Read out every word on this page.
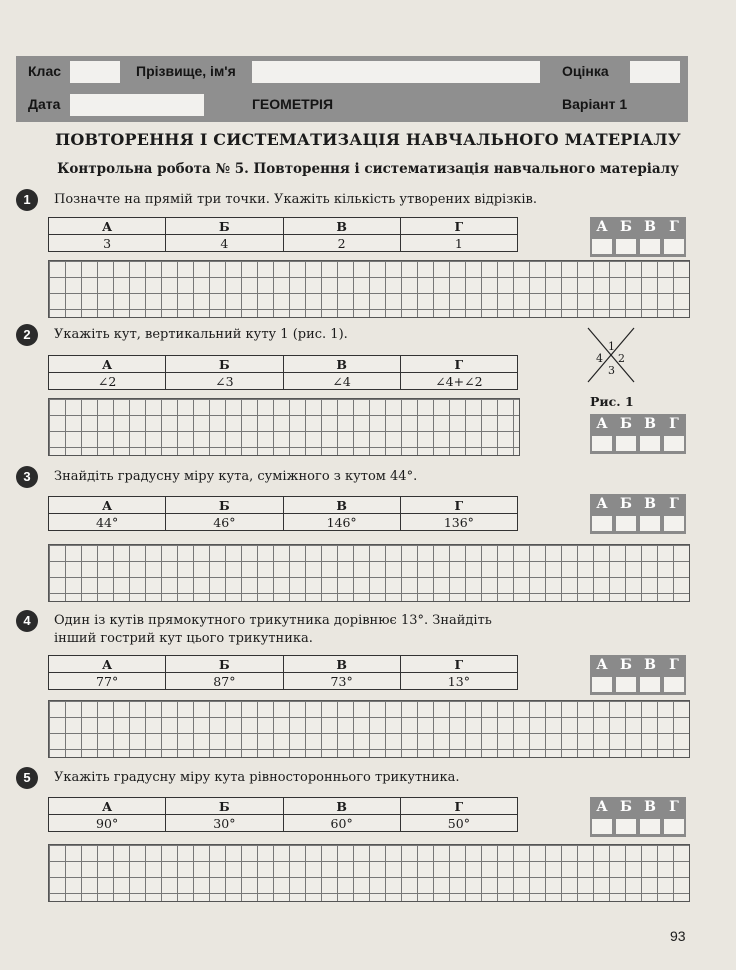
Клас	Прізвище, ім'я	Оцінка
Дата	ГЕОМЕТРІЯ	Варіант 1
ПОВТОРЕННЯ І СИСТЕМАТИЗАЦІЯ НАВЧАЛЬНОГО МАТЕРІАЛУ
Контрольна робота № 5. Повторення і систематизація навчального матеріалу
1	Позначте на прямій три точки. Укажіть кількість утворених відрізків.
А	Б	В	Г
3	4	2	1
А Б В Г
2	Укажіть кут, вертикальний куту 1 (рис. 1).
А	Б	В	Г
∠2	∠3	∠4	∠4+∠2
1
2
3
4
Рис. 1
А Б В Г
3	Знайдіть градусну міру кута, суміжного з кутом 44°.
А	Б	В	Г
44°	46°	146°	136°
А Б В Г
4	Один із кутів прямокутного трикутника дорівнює 13°. Знайдіть
інший гострий кут цього трикутника.
А	Б	В	Г
77°	87°	73°	13°
А Б В Г
5	Укажіть градусну міру кута рівностороннього трикутника.
А	Б	В	Г
90°	30°	60°	50°
А Б В Г
93
